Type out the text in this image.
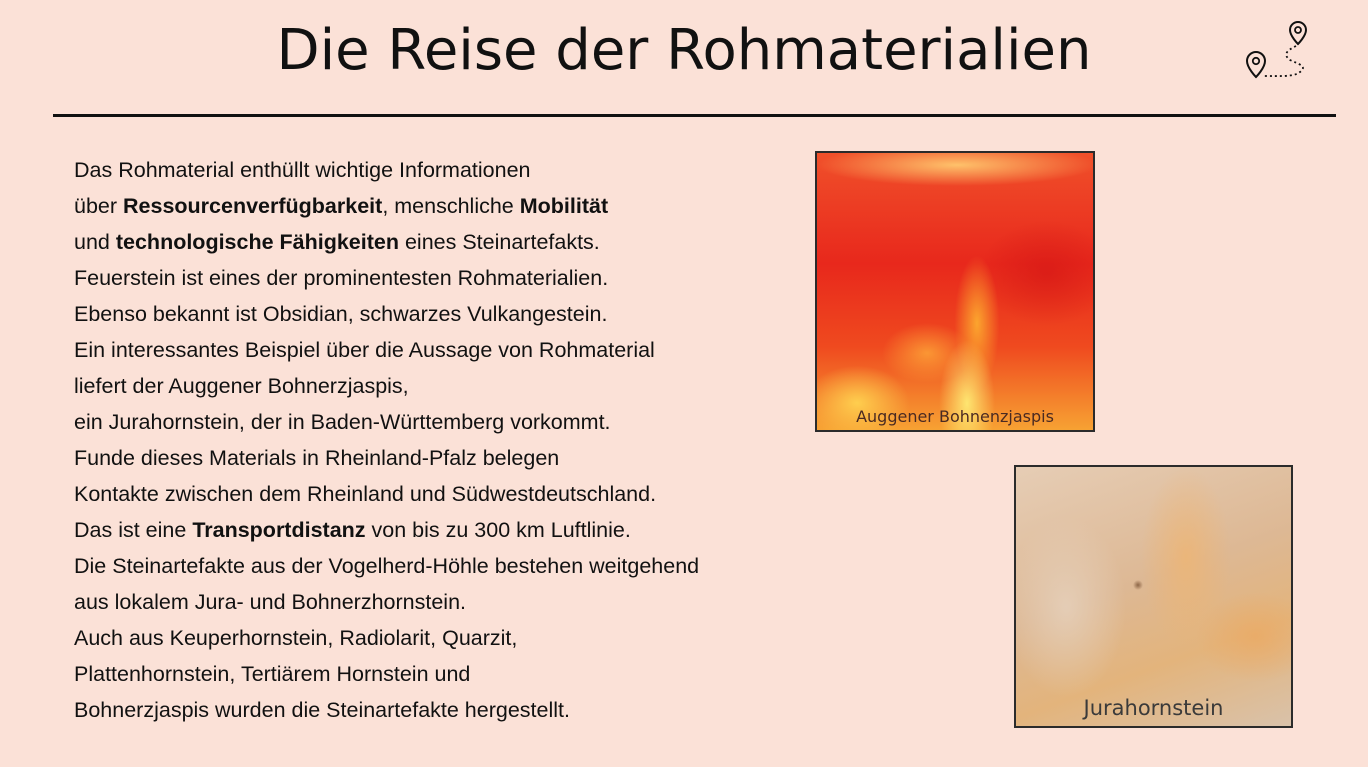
Die Reise der Rohmaterialien
Das Rohmaterial enthüllt wichtige Informationen
über Ressourcenverfügbarkeit, menschliche Mobilität
und technologische Fähigkeiten eines Steinartefakts.
Feuerstein ist eines der prominentesten Rohmaterialien.
Ebenso bekannt ist Obsidian, schwarzes Vulkangestein.
Ein interessantes Beispiel über die Aussage von Rohmaterial
liefert der Auggener Bohnerzjaspis,
ein Jurahornstein, der in Baden-Württemberg vorkommt.
Funde dieses Materials in Rheinland-Pfalz belegen
Kontakte zwischen dem Rheinland und Südwestdeutschland.
Das ist eine Transportdistanz von bis zu 300 km Luftlinie.
Die Steinartefakte aus der Vogelherd-Höhle bestehen weitgehend
aus lokalem Jura- und Bohnerzhornstein.
Auch aus Keuperhornstein, Radiolarit, Quarzit,
Plattenhornstein, Tertiärem Hornstein und
Bohnerzjaspis wurden die Steinartefakte hergestellt.
Auggener Bohnenzjaspis
Jurahornstein
